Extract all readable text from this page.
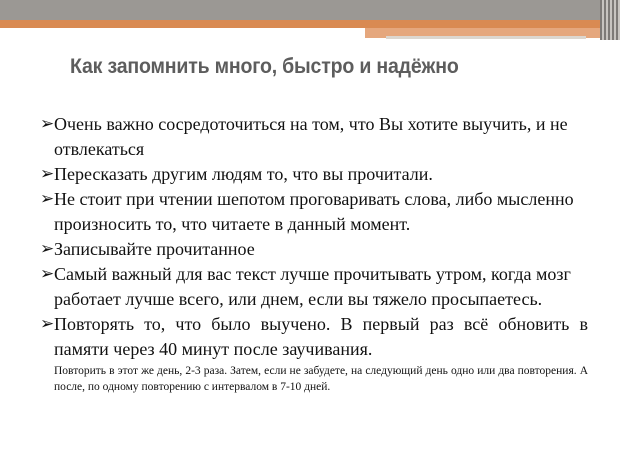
Как запомнить много, быстро и надёжно
➢ Очень важно сосредоточиться на том, что Вы хотите выучить, и не отвлекаться
➢ Пересказать другим людям то, что вы прочитали.
➢ Не стоит при чтении шепотом проговаривать слова, либо мысленно произносить то, что читаете в данный момент.
➢ Записывайте прочитанное
➢ Самый важный для вас текст лучше прочитывать утром, когда мозг работает лучше всего, или днем, если вы тяжело просыпаетесь.
➢ Повторять то, что было выучено. В первый раз всё обновить в памяти через 40 минут после заучивания.
Повторить в этот же день, 2-3 раза. Затем, если не забудете, на следующий день одно или два повторения. А после, по одному повторению с интервалом в 7-10 дней.
